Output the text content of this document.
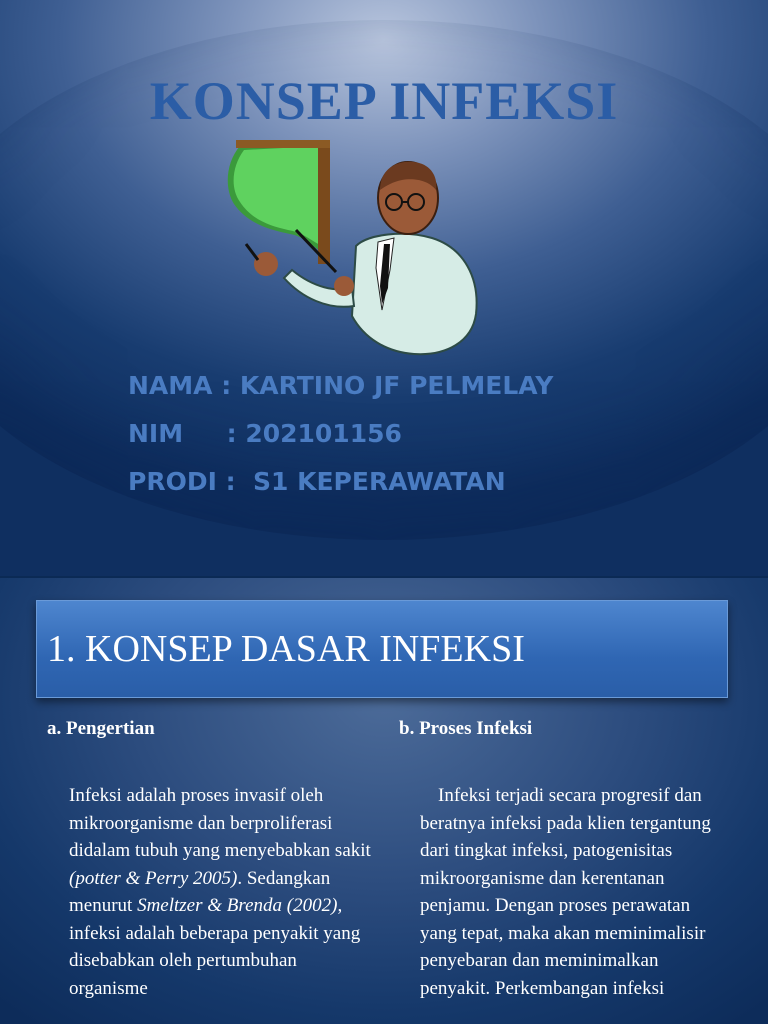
KONSEP INFEKSI
NAMA : KARTINO JF PELMELAY
NIM     : 202101156
PRODI :  S1 KEPERAWATAN
1. KONSEP DASAR INFEKSI
a. Pengertian	b. Proses Infeksi

Infeksi adalah proses invasif oleh mikroorganisme dan berproliferasi didalam tubuh yang menyebabkan sakit (potter & Perry 2005). Sedangkan menurut Smeltzer & Brenda (2002), infeksi adalah beberapa penyakit yang disebabkan oleh pertumbuhan organisme

Infeksi terjadi secara progresif dan beratnya infeksi pada klien tergantung dari tingkat infeksi, patogenisitas mikroorganisme dan kerentanan penjamu. Dengan proses perawatan yang tepat, maka akan meminimalisir penyebaran dan meminimalkan penyakit. Perkembangan infeksi
